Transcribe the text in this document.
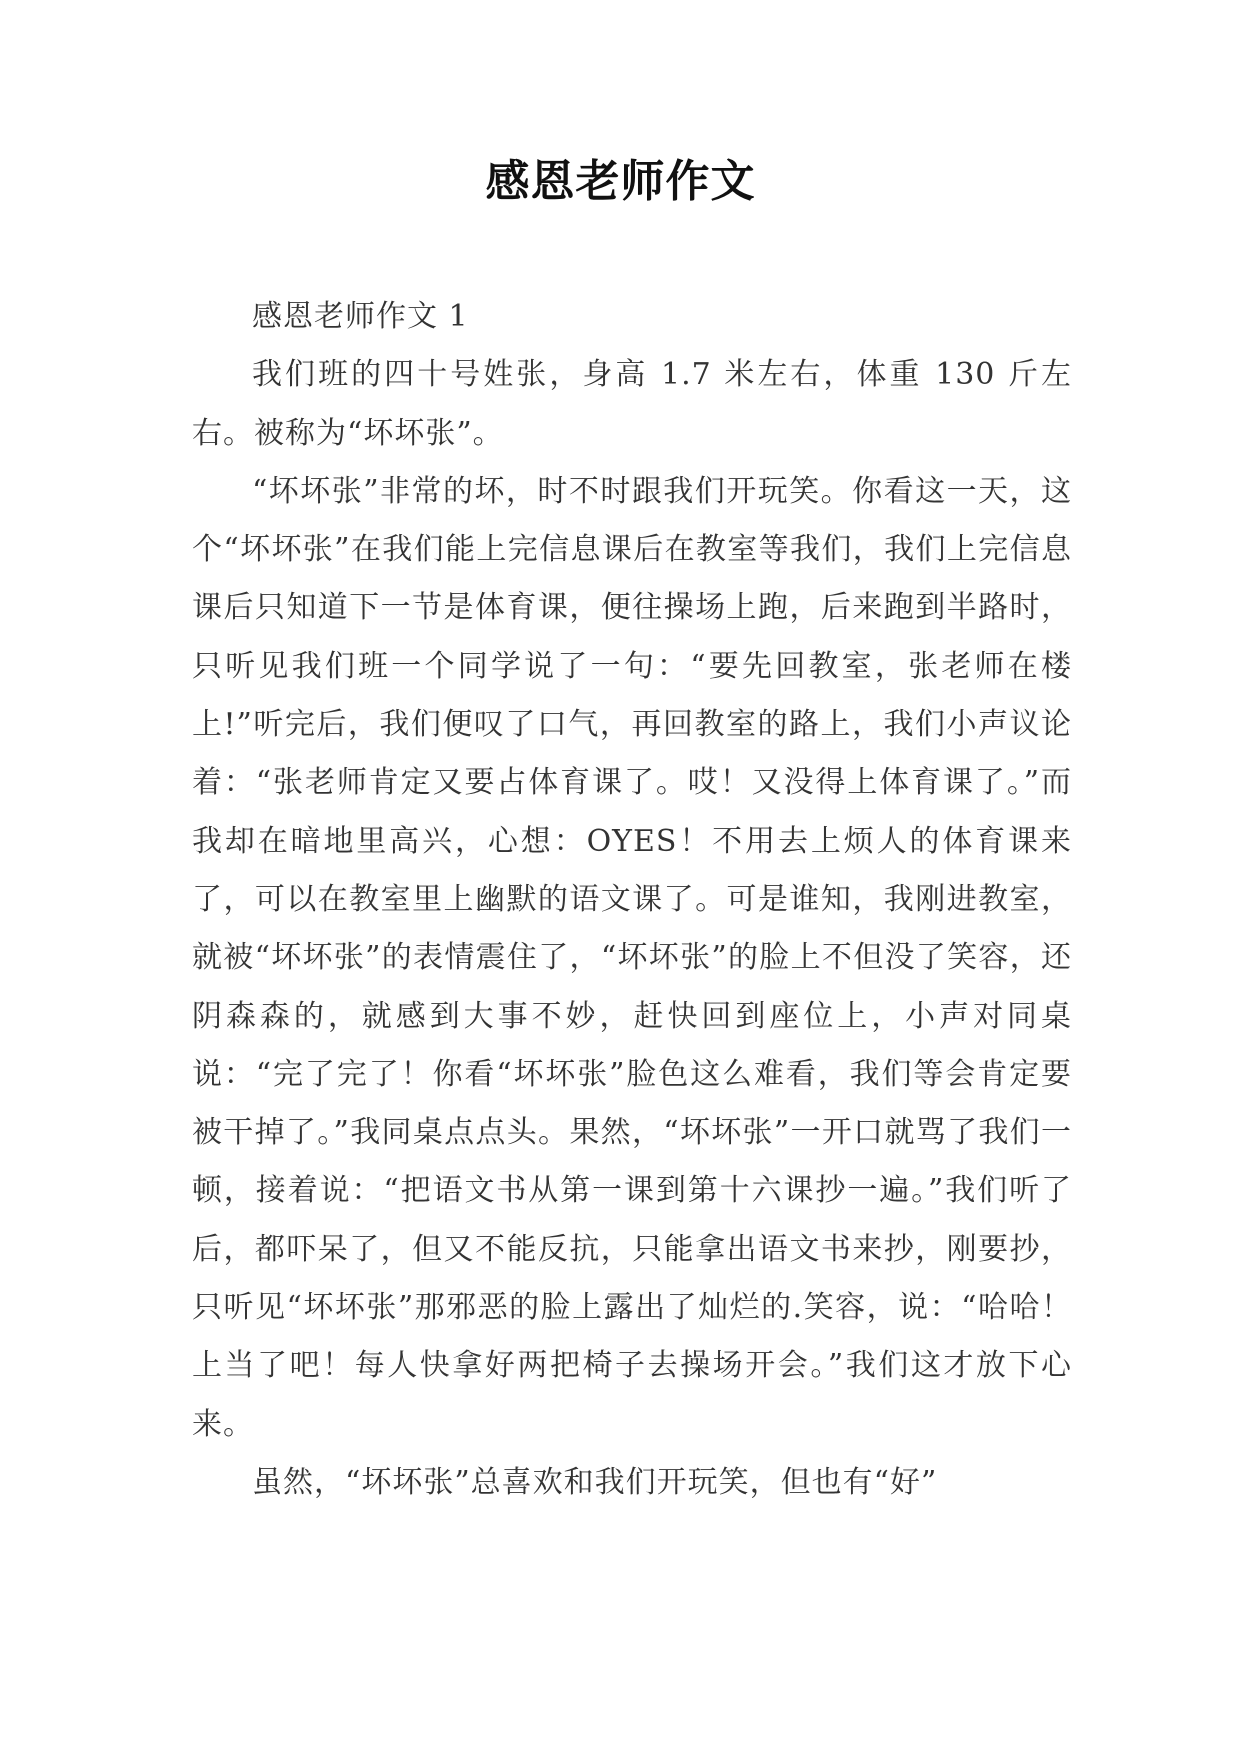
感恩老师作文

感恩老师作文 1

我们班的四十号姓张，身高 1.7 米左右，体重 130 斤左右。被称为“坏坏张”。

“坏坏张”非常的坏，时不时跟我们开玩笑。你看这一天，这个“坏坏张”在我们能上完信息课后在教室等我们，我们上完信息课后只知道下一节是体育课，便往操场上跑，后来跑到半路时，只听见我们班一个同学说了一句：“要先回教室，张老师在楼上!”听完后，我们便叹了口气，再回教室的路上，我们小声议论着：“张老师肯定又要占体育课了。哎！又没得上体育课了。”而我却在暗地里高兴，心想：OYES！不用去上烦人的体育课来了，可以在教室里上幽默的语文课了。可是谁知，我刚进教室，就被“坏坏张”的表情震住了，“坏坏张”的脸上不但没了笑容，还阴森森的，就感到大事不妙，赶快回到座位上，小声对同桌说：“完了完了！你看“坏坏张”脸色这么难看，我们等会肯定要被干掉了。”我同桌点点头。果然，“坏坏张”一开口就骂了我们一顿，接着说：“把语文书从第一课到第十六课抄一遍。”我们听了后，都吓呆了，但又不能反抗，只能拿出语文书来抄，刚要抄，只听见“坏坏张”那邪恶的脸上露出了灿烂的.笑容，说：“哈哈！上当了吧！每人快拿好两把椅子去操场开会。”我们这才放下心来。

虽然，“坏坏张”总喜欢和我们开玩笑，但也有“好”
